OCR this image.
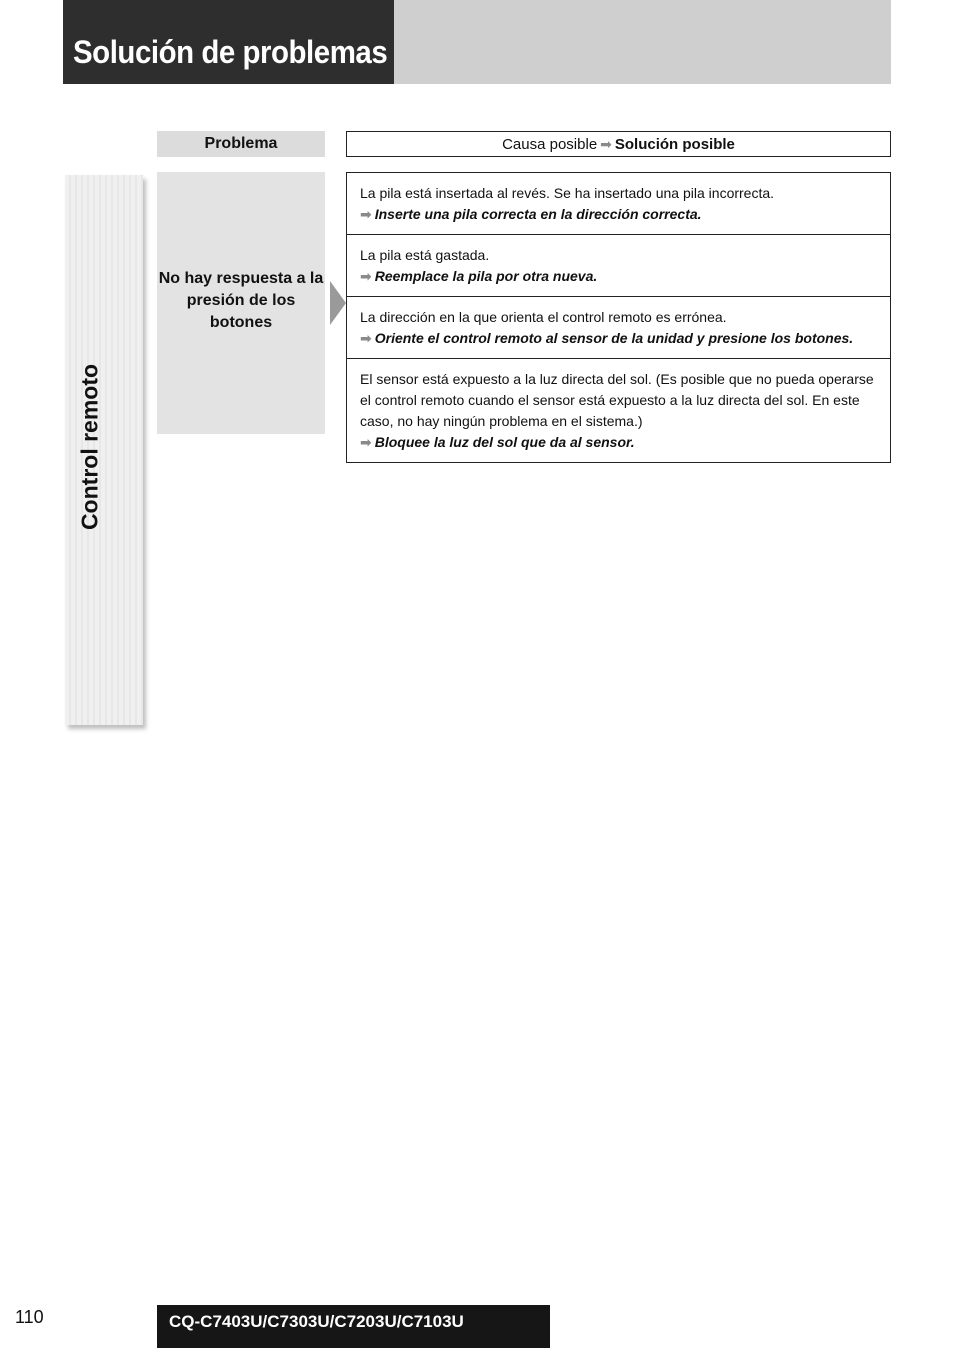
Solución de problemas
Problema	Causa posible ➡ Solución posible
Control remoto
No hay respuesta a la presión de los botones
La pila está insertada al revés. Se ha insertado una pila incorrecta.
➡ Inserte una pila correcta en la dirección correcta.
La pila está gastada.
➡ Reemplace la pila por otra nueva.
La dirección en la que orienta el control remoto es errónea.
➡ Oriente el control remoto al sensor de la unidad y presione los botones.
El sensor está expuesto a la luz directa del sol. (Es posible que no pueda operarse el control remoto cuando el sensor está expuesto a la luz directa del sol. En este caso, no hay ningún problema en el sistema.)
➡ Bloquee la luz del sol que da al sensor.
110	CQ-C7403U/C7303U/C7203U/C7103U
